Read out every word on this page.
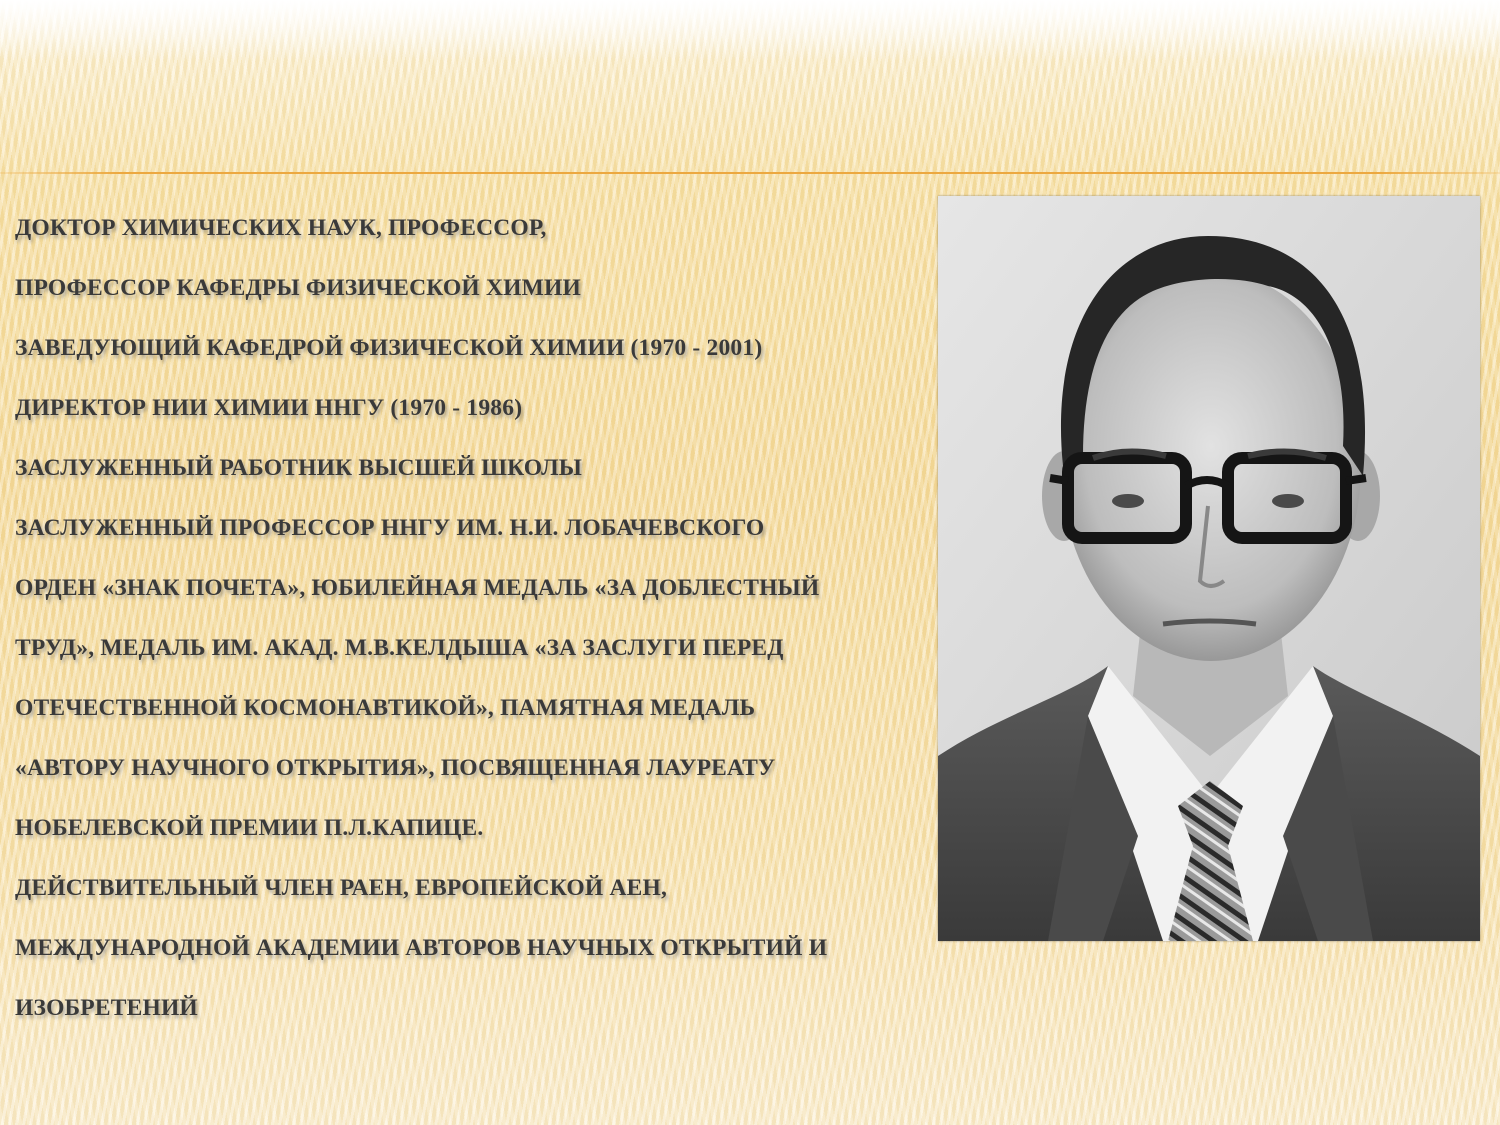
ДОКТОР ХИМИЧЕСКИХ НАУК, ПРОФЕССОР,
ПРОФЕССОР КАФЕДРЫ ФИЗИЧЕСКОЙ ХИМИИ
ЗАВЕДУЮЩИЙ КАФЕДРОЙ ФИЗИЧЕСКОЙ ХИМИИ (1970 - 2001)
ДИРЕКТОР НИИ ХИМИИ ННГУ (1970 - 1986)
ЗАСЛУЖЕННЫЙ РАБОТНИК ВЫСШЕЙ ШКОЛЫ
ЗАСЛУЖЕННЫЙ ПРОФЕССОР ННГУ ИМ. Н.И. ЛОБАЧЕВСКОГО
ОРДЕН «ЗНАК ПОЧЕТА», ЮБИЛЕЙНАЯ МЕДАЛЬ «ЗА ДОБЛЕСТНЫЙ
ТРУД», МЕДАЛЬ ИМ. АКАД. М.В.КЕЛДЫША «ЗА ЗАСЛУГИ ПЕРЕД
ОТЕЧЕСТВЕННОЙ КОСМОНАВТИКОЙ», ПАМЯТНАЯ МЕДАЛЬ
«АВТОРУ НАУЧНОГО ОТКРЫТИЯ», ПОСВЯЩЕННАЯ ЛАУРЕАТУ
НОБЕЛЕВСКОЙ ПРЕМИИ П.Л.КАПИЦЕ.
ДЕЙСТВИТЕЛЬНЫЙ ЧЛЕН РАЕН, ЕВРОПЕЙСКОЙ АЕН,
МЕЖДУНАРОДНОЙ АКАДЕМИИ АВТОРОВ НАУЧНЫХ ОТКРЫТИЙ И
ИЗОБРЕТЕНИЙ
